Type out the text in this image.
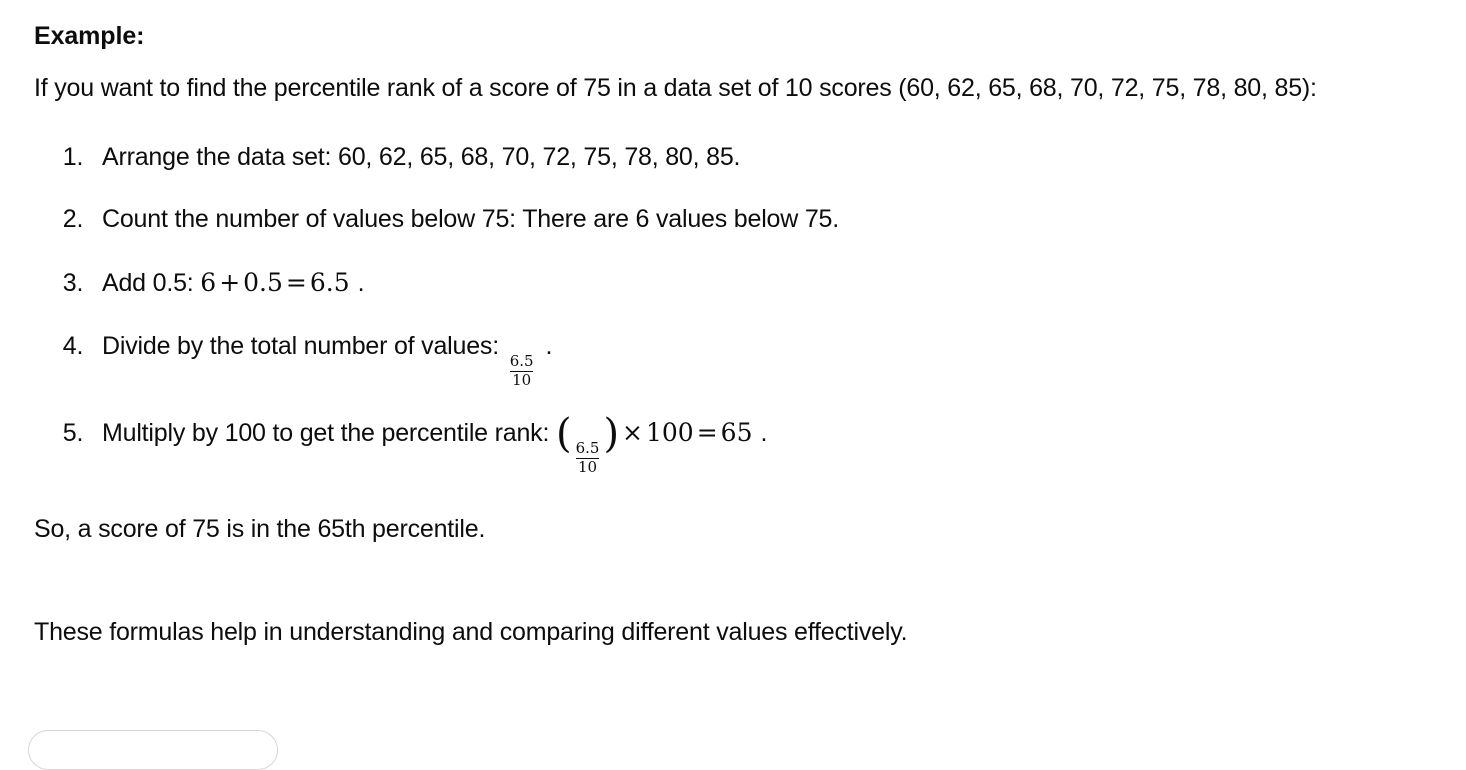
Example:

If you want to find the percentile rank of a score of 75 in a data set of 10 scores (60, 62, 65, 68, 70, 72, 75, 78, 80, 85):

1. Arrange the data set: 60, 62, 65, 68, 70, 72, 75, 78, 80, 85.
2. Count the number of values below 75: There are 6 values below 75.
3. Add 0.5: 6 + 0.5 = 6.5 .
4. Divide by the total number of values:
$\frac{6.5}{10}$
.
5. Multiply by 100 to get the percentile rank: (
$\frac{6.5}{10}$
) × 100 = 65 .

So, a score of 75 is in the 65th percentile.

These formulas help in understanding and comparing different values effectively.
